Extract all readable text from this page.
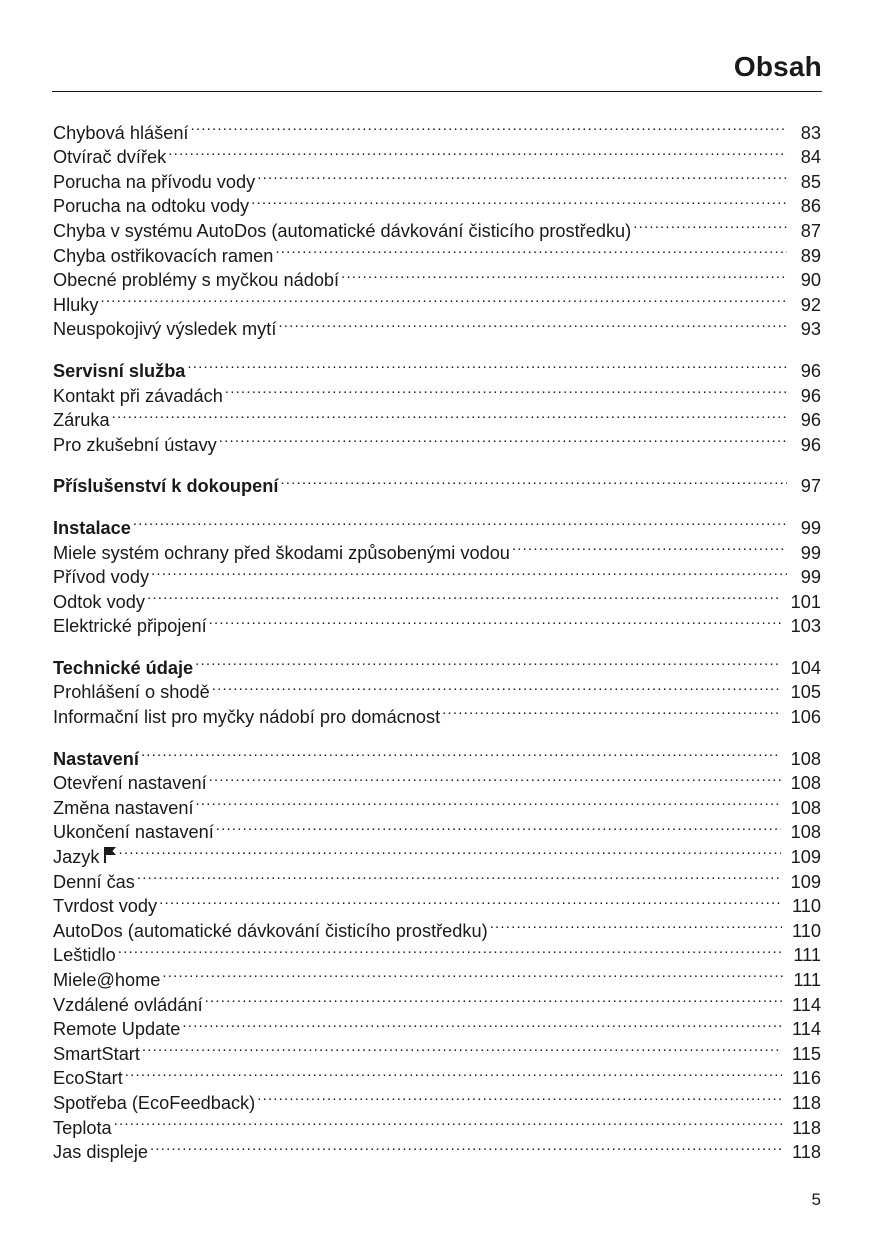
Obsah
Chybová hlášení .....	83
Otvírač dvířek .....	84
Porucha na přívodu vody .....	85
Porucha na odtoku vody .....	86
Chyba v systému AutoDos (automatické dávkování čisticího prostředku) .....	87
Chyba ostřikovacích ramen .....	89
Obecné problémy s myčkou nádobí .....	90
Hluky .....	92
Neuspokojivý výsledek mytí .....	93
Servisní služba .....	96
Kontakt při závadách .....	96
Záruka .....	96
Pro zkušební ústavy .....	96
Příslušenství k dokoupení .....	97
Instalace .....	99
Miele systém ochrany před škodami způsobenými vodou .....	99
Přívod vody .....	99
Odtok vody .....	101
Elektrické připojení .....	103
Technické údaje .....	104
Prohlášení o shodě .....	105
Informační list pro myčky nádobí pro domácnost .....	106
Nastavení .....	108
Otevření nastavení .....	108
Změna nastavení .....	108
Ukončení nastavení .....	108
Jazyk .....	109
Denní čas .....	109
Tvrdost vody .....	110
AutoDos (automatické dávkování čisticího prostředku) .....	110
Leštidlo .....	111
Miele@home .....	111
Vzdálené ovládání .....	114
Remote Update .....	114
SmartStart .....	115
EcoStart .....	116
Spotřeba (EcoFeedback) .....	118
Teplota .....	118
Jas displeje .....	118
5
